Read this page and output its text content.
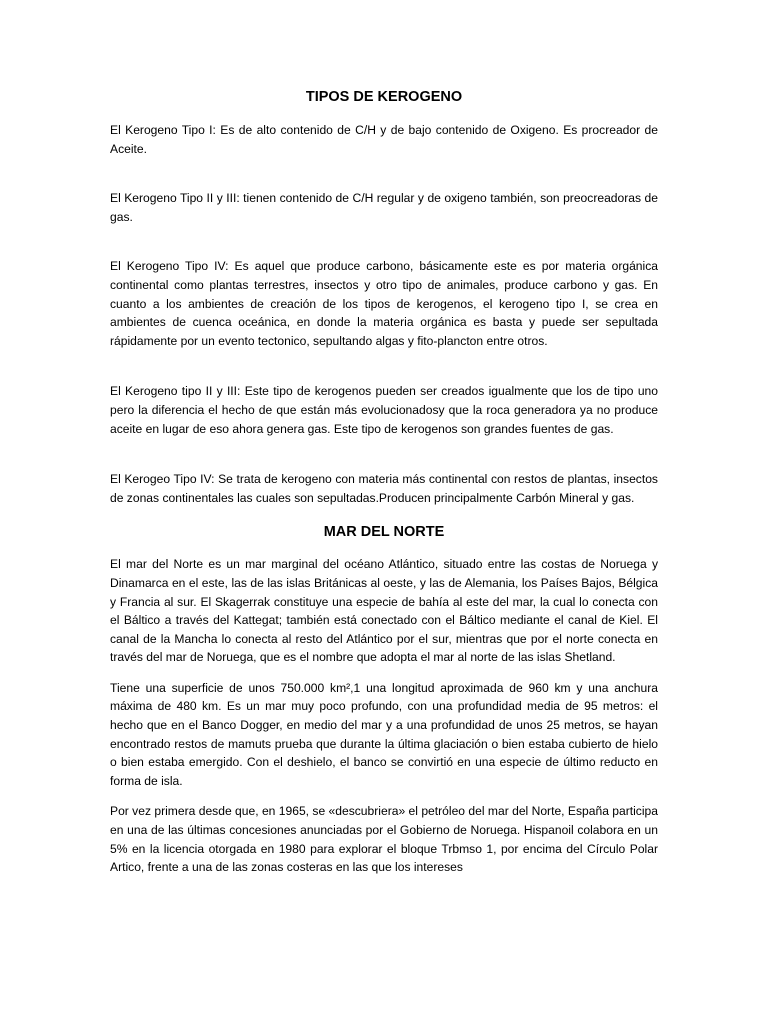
TIPOS DE KEROGENO

El Kerogeno Tipo I: Es de alto contenido de C/H y de bajo contenido de Oxigeno. Es procreador de Aceite.

El Kerogeno Tipo II y III: tienen contenido de C/H regular y de oxigeno también, son preocreadoras de gas.

El Kerogeno Tipo IV: Es aquel que produce carbono, básicamente este es por materia orgánica continental como plantas terrestres, insectos y otro tipo de animales, produce carbono y gas. En cuanto a los ambientes de creación de los tipos de kerogenos, el kerogeno tipo I, se crea en ambientes de cuenca oceánica, en donde la materia orgánica es basta y puede ser sepultada rápidamente por un evento tectonico, sepultando algas y fito-plancton entre otros.

El Kerogeno tipo II y III: Este tipo de kerogenos pueden ser creados igualmente que los de tipo uno pero la diferencia el hecho de que están más evolucionadosy que la roca generadora ya no produce aceite en lugar de eso ahora genera gas. Este tipo de kerogenos son grandes fuentes de gas.

El Kerogeo Tipo IV: Se trata de kerogeno con materia más continental con restos de plantas, insectos de zonas continentales las cuales son sepultadas.Producen principalmente Carbón Mineral y gas.

MAR DEL NORTE

El mar del Norte es un mar marginal del océano Atlántico, situado entre las costas de Noruega y Dinamarca en el este, las de las islas Británicas al oeste, y las de Alemania, los Países Bajos, Bélgica y Francia al sur. El Skagerrak constituye una especie de bahía al este del mar, la cual lo conecta con el Báltico a través del Kattegat; también está conectado con el Báltico mediante el canal de Kiel. El canal de la Mancha lo conecta al resto del Atlántico por el sur, mientras que por el norte conecta en través del mar de Noruega, que es el nombre que adopta el mar al norte de las islas Shetland.

Tiene una superficie de unos 750.000 km²,1 una longitud aproximada de 960 km y una anchura máxima de 480 km. Es un mar muy poco profundo, con una profundidad media de 95 metros: el hecho que en el Banco Dogger, en medio del mar y a una profundidad de unos 25 metros, se hayan encontrado restos de mamuts prueba que durante la última glaciación o bien estaba cubierto de hielo o bien estaba emergido. Con el deshielo, el banco se convirtió en una especie de último reducto en forma de isla.

Por vez primera desde que, en 1965, se «descubriera» el petróleo del mar del Norte, España participa en una de las últimas concesiones anunciadas por el Gobierno de Noruega. Hispanoil colabora en un 5% en la licencia otorgada en 1980 para explorar el bloque Trbmso 1, por encima del Círculo Polar Artico, frente a una de las zonas costeras en las que los intereses
